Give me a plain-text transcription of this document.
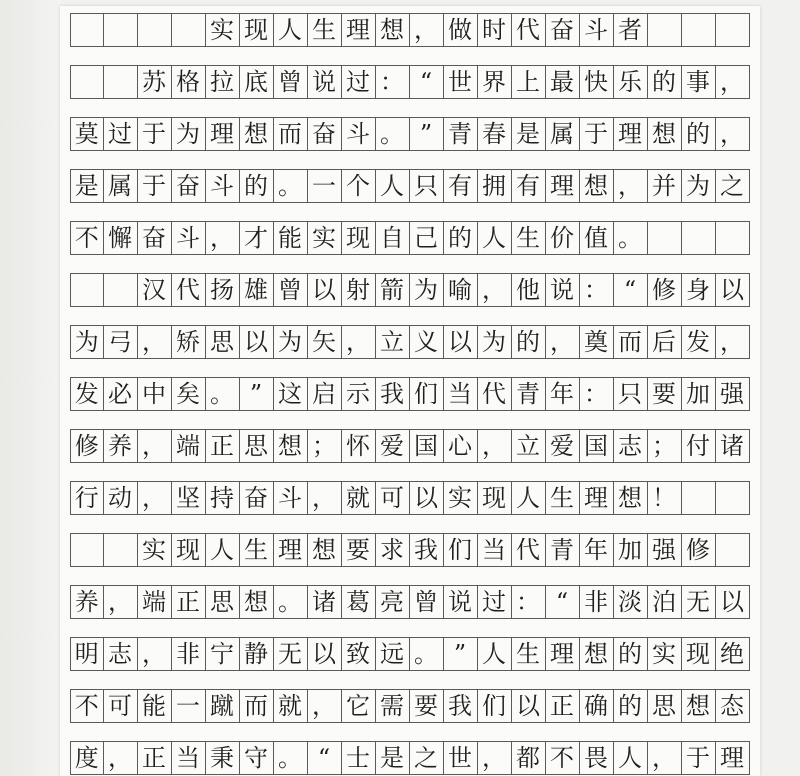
实 现 人 生 理 想 ， 做 时 代 奋 斗 者
苏 格 拉 底 曾 说 过 ： “ 世 界 上 最 快 乐 的 事 ，
莫 过 于 为 理 想 而 奋 斗 。 ” 青 春 是 属 于 理 想 的 ，
是 属 于 奋 斗 的 。 一 个 人 只 有 拥 有 理 想 ， 并 为 之
不 懈 奋 斗 ， 才 能 实 现 自 己 的 人 生 价 值 。
汉 代 扬 雄 曾 以 射 箭 为 喻 ， 他 说 ： “ 修 身 以
为 弓 ， 矫 思 以 为 矢 ， 立 义 以 为 的 ， 奠 而 后 发 ，
发 必 中 矣 。 ” 这 启 示 我 们 当 代 青 年 ： 只 要 加 强
修 养 ， 端 正 思 想 ； 怀 爱 国 心 ， 立 爱 国 志 ； 付 诸
行 动 ， 坚 持 奋 斗 ， 就 可 以 实 现 人 生 理 想 ！
实 现 人 生 理 想 要 求 我 们 当 代 青 年 加 强 修
养 ， 端 正 思 想 。 诸 葛 亮 曾 说 过 ： “ 非 淡 泊 无 以
明 志 ， 非 宁 静 无 以 致 远 。 ” 人 生 理 想 的 实 现 绝
不 可 能 一 蹴 而 就 ， 它 需 要 我 们 以 正 确 的 思 想 态
度 ， 正 当 秉 守 。 “ 士 是 之 世 ， 都 不 畏 人 ， 于 理
